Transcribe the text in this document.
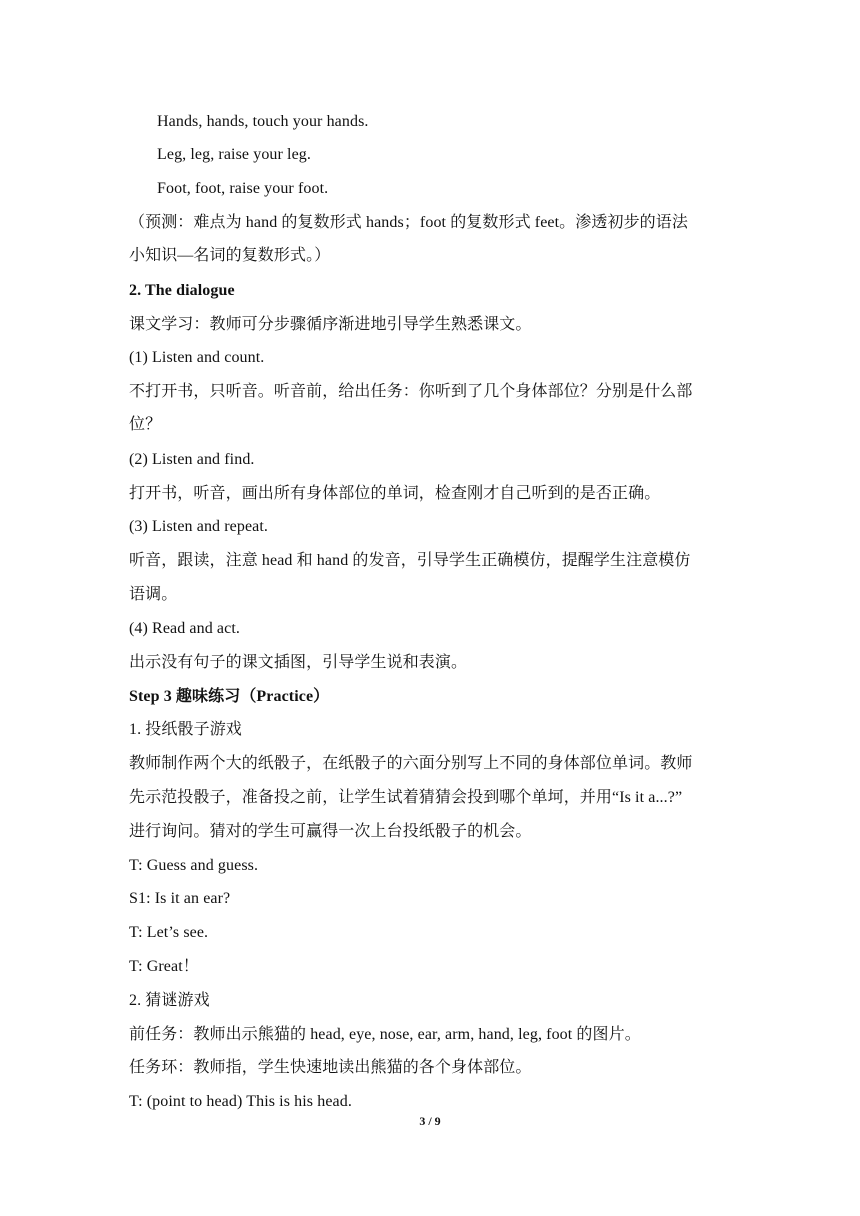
Hands, hands, touch your hands.
Leg, leg, raise your leg.
Foot, foot, raise your foot.
（预测：难点为 hand 的复数形式 hands；foot 的复数形式 feet。渗透初步的语法
小知识—名词的复数形式。）
2. The dialogue
课文学习：教师可分步骤循序渐进地引导学生熟悉课文。
(1) Listen and count.
不打开书，只听音。听音前，给出任务：你听到了几个身体部位？分别是什么部
位？
(2) Listen and find.
打开书，听音，画出所有身体部位的单词，检查刚才自己听到的是否正确。
(3) Listen and repeat.
听音，跟读，注意 head 和 hand 的发音，引导学生正确模仿，提醒学生注意模仿
语调。
(4) Read and act.
出示没有句子的课文插图，引导学生说和表演。
Step 3 趣味练习（Practice）
1. 投纸骰子游戏
教师制作两个大的纸骰子，在纸骰子的六面分别写上不同的身体部位单词。教师
先示范投骰子，准备投之前，让学生试着猜猜会投到哪个单坷，并用“Is it a...?”
进行询问。猜对的学生可赢得一次上台投纸骰子的机会。
T: Guess and guess.
S1: Is it an ear?
T: Let’s see.
T: Great！
2. 猜谜游戏
前任务：教师出示熊猫的 head, eye, nose, ear, arm, hand, leg, foot 的图片。
任务环：教师指，学生快速地读出熊猫的各个身体部位。
T: (point to head) This is his head.
3 / 9
